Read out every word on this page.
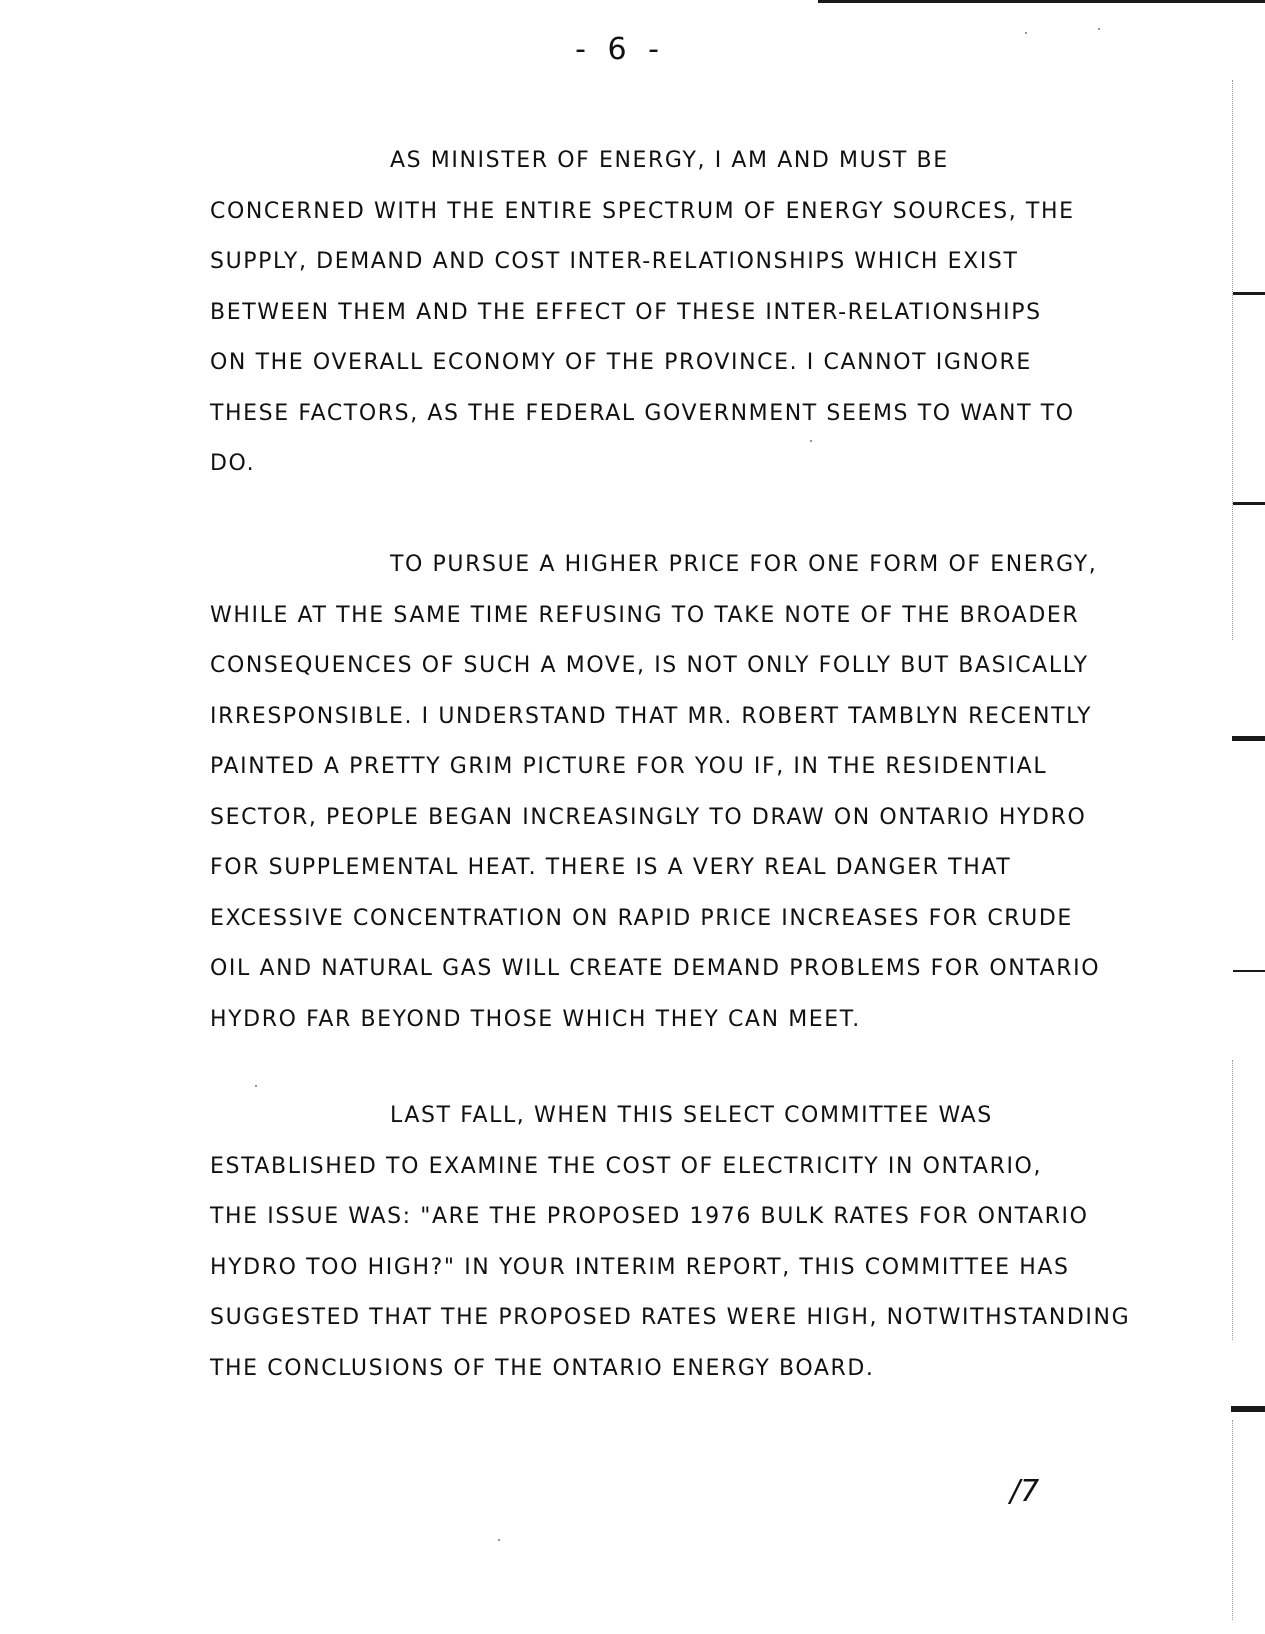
- 6 -
AS MINISTER OF ENERGY, I AM AND MUST BE
CONCERNED WITH THE ENTIRE SPECTRUM OF ENERGY SOURCES, THE
SUPPLY, DEMAND AND COST INTER-RELATIONSHIPS WHICH EXIST
BETWEEN THEM AND THE EFFECT OF THESE INTER-RELATIONSHIPS
ON THE OVERALL ECONOMY OF THE PROVINCE. I CANNOT IGNORE
THESE FACTORS, AS THE FEDERAL GOVERNMENT SEEMS TO WANT TO
DO.
TO PURSUE A HIGHER PRICE FOR ONE FORM OF ENERGY,
WHILE AT THE SAME TIME REFUSING TO TAKE NOTE OF THE BROADER
CONSEQUENCES OF SUCH A MOVE, IS NOT ONLY FOLLY BUT BASICALLY
IRRESPONSIBLE. I UNDERSTAND THAT MR. ROBERT TAMBLYN RECENTLY
PAINTED A PRETTY GRIM PICTURE FOR YOU IF, IN THE RESIDENTIAL
SECTOR, PEOPLE BEGAN INCREASINGLY TO DRAW ON ONTARIO HYDRO
FOR SUPPLEMENTAL HEAT. THERE IS A VERY REAL DANGER THAT
EXCESSIVE CONCENTRATION ON RAPID PRICE INCREASES FOR CRUDE
OIL AND NATURAL GAS WILL CREATE DEMAND PROBLEMS FOR ONTARIO
HYDRO FAR BEYOND THOSE WHICH THEY CAN MEET.
LAST FALL, WHEN THIS SELECT COMMITTEE WAS
ESTABLISHED TO EXAMINE THE COST OF ELECTRICITY IN ONTARIO,
THE ISSUE WAS: "ARE THE PROPOSED 1976 BULK RATES FOR ONTARIO
HYDRO TOO HIGH?" IN YOUR INTERIM REPORT, THIS COMMITTEE HAS
SUGGESTED THAT THE PROPOSED RATES WERE HIGH, NOTWITHSTANDING
THE CONCLUSIONS OF THE ONTARIO ENERGY BOARD.
/7
